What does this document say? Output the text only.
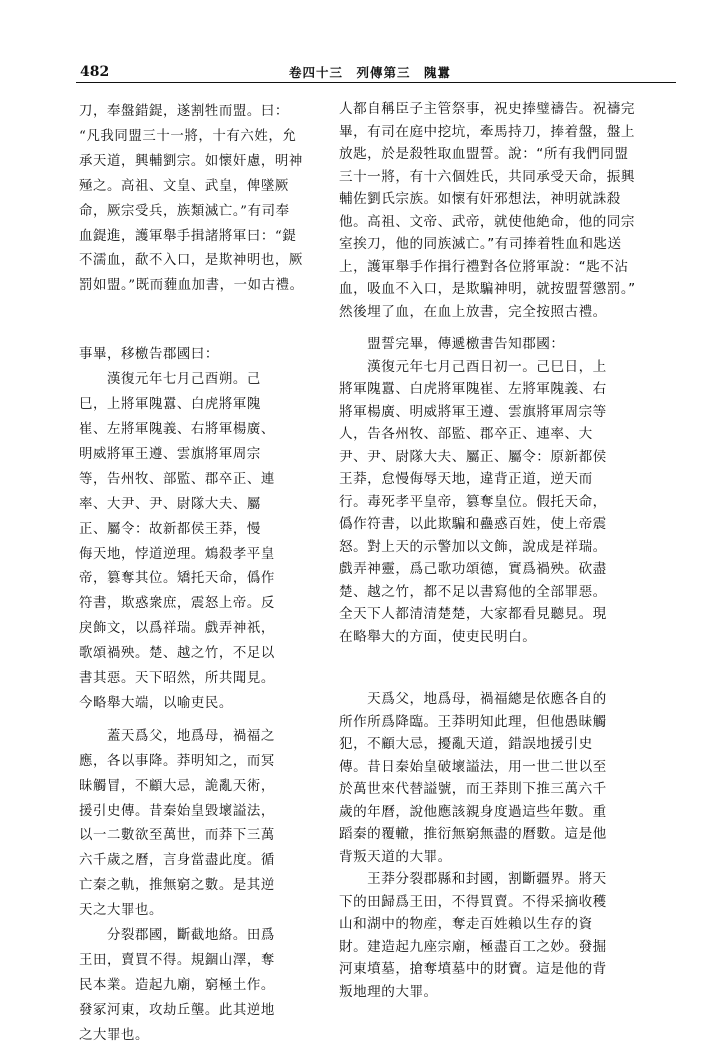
482	卷四十三　列傳第三　隗囂
刀，奉盤錯鍉，遂割牲而盟。曰：
“凡我同盟三十一將，十有六姓，允
承天道，興輔劉宗。如懷奸慮，明神
殛之。高祖、文皇、武皇，俾墜厥
命，厥宗受兵，族類滅亡。”有司奉
血鍉進，護軍舉手揖諸將軍曰：“鍉
不濡血，歃不入口，是欺神明也，厥
罰如盟。”既而薶血加書，一如古禮。
事畢，移檄告郡國曰：
　　漢復元年七月己酉朔。己
巳，上將軍隗囂、白虎將軍隗
崔、左將軍隗義、右將軍楊廣、
明威將軍王遵、雲旗將軍周宗
等，告州牧、部監、郡卒正、連
率、大尹、尹、尉隊大夫、屬
正、屬令：故新都侯王莽，慢
侮天地，悖道逆理。鴆殺孝平皇
帝，篡奪其位。矯托天命，僞作
符書，欺惑衆庶，震怒上帝。反
戾飾文，以爲祥瑞。戲弄神祇，
歌頌禍殃。楚、越之竹，不足以
書其惡。天下昭然，所共聞見。
今略舉大端，以喻吏民。
　　蓋天爲父，地爲母，禍福之
應，各以事降。莽明知之，而冥
昧觸冒，不顧大忌，詭亂天術，
援引史傳。昔秦始皇毀壞謚法，
以一二數欲至萬世，而莽下三萬
六千歲之曆，言身當盡此度。循
亡秦之軌，推無窮之數。是其逆
天之大罪也。
　　分裂郡國，斷截地絡。田爲
王田，賣買不得。規錮山澤，奪
民本業。造起九廟，窮極土作。
發冢河東，攻劫丘壟。此其逆地
之大罪也。
人都自稱臣子主管祭事，祝史捧璧禱告。祝禱完
畢，有司在庭中挖坑，牽馬持刀，捧着盤，盤上
放匙，於是殺牲取血盟誓。說：“所有我們同盟
三十一將，有十六個姓氏，共同承受天命，振興
輔佐劉氏宗族。如懷有奸邪想法，神明就誅殺
他。高祖、文帝、武帝，就使他絶命，他的同宗
室挨刀，他的同族滅亡。”有司捧着牲血和匙送
上，護軍舉手作揖行禮對各位將軍說：“匙不沾
血，吸血不入口，是欺騙神明，就按盟誓懲罰。”
然後埋了血，在血上放書，完全按照古禮。
　　盟誓完畢，傳遞檄書告知郡國：
　　漢復元年七月己酉日初一。己巳日，上
將軍隗囂、白虎將軍隗崔、左將軍隗義、右
將軍楊廣、明威將軍王遵、雲旗將軍周宗等
人，告各州牧、部監、郡卒正、連率、大
尹、尹、尉隊大夫、屬正、屬令：原新都侯
王莽，怠慢侮辱天地，違背正道，逆天而
行。毒死孝平皇帝，篡奪皇位。假托天命，
僞作符書，以此欺騙和蠱惑百姓，使上帝震
怒。對上天的示警加以文飾，說成是祥瑞。
戲弄神靈，爲己歌功頌德，實爲禍殃。砍盡
楚、越之竹，都不足以書寫他的全部罪惡。
全天下人都清清楚楚，大家都看見聽見。現
在略舉大的方面，使吏民明白。
　　天爲父，地爲母，禍福總是依應各自的
所作所爲降臨。王莽明知此理，但他愚昧觸
犯，不顧大忌，擾亂天道，錯誤地援引史
傳。昔日秦始皇破壞謚法，用一世二世以至
於萬世來代替謚號，而王莽則下推三萬六千
歲的年曆，說他應該親身度過這些年數。重
蹈秦的覆轍，推衍無窮無盡的曆數。這是他
背叛天道的大罪。
　　王莽分裂郡縣和封國，割斷疆界。將天
下的田歸爲王田，不得買賣。不得采摘收穫
山和湖中的物産，奪走百姓賴以生存的資
財。建造起九座宗廟，極盡百工之妙。發掘
河東墳墓，搶奪墳墓中的財寶。這是他的背
叛地理的大罪。
